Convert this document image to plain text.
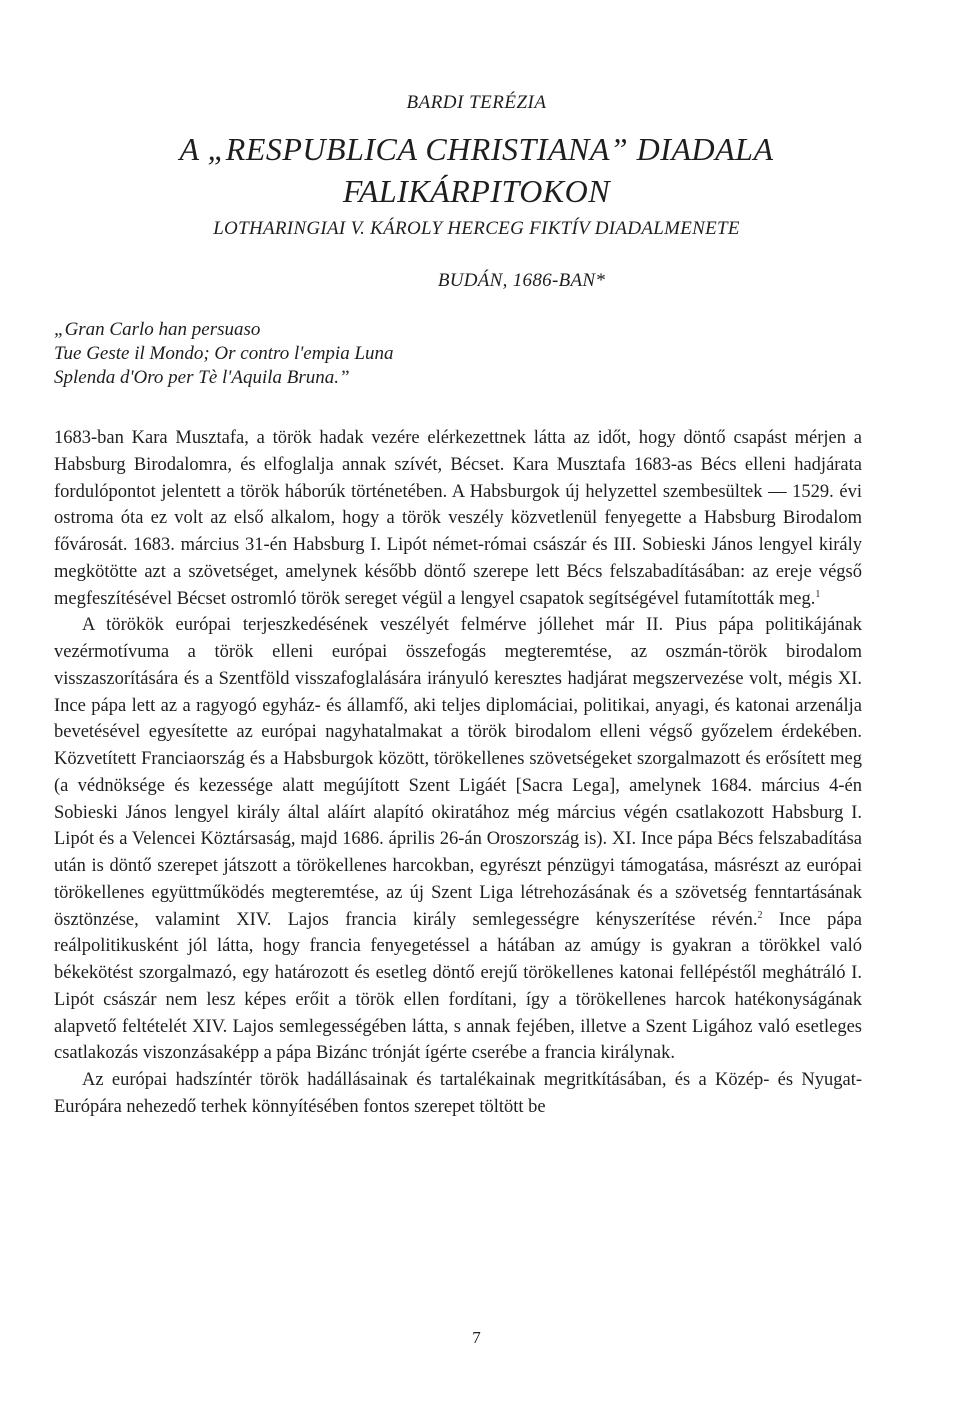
BARDI TERÉZIA
A „RESPUBLICA CHRISTIANA” DIADALA
FALIKÁRPITOKON
LOTHARINGIAI V. KÁROLY HERCEG FIKTÍV DIADALMENETE
BUDÁN, 1686-BAN*
„Gran Carlo han persuaso
Tue Geste il Mondo; Or contro l'empia Luna
Splenda d'Oro per Tè l'Aquila Bruna.”

1683-ban Kara Musztafa, a török hadak vezére elérkezettnek látta az időt, hogy döntő csapást mérjen a Habsburg Birodalomra, és elfoglalja annak szívét, Bécset. Kara Musztafa 1683-as Bécs elleni hadjárata fordulópontot jelentett a török háborúk történetében. A Habsburgok új helyzettel szembesültek — 1529. évi ostroma óta ez volt az első alkalom, hogy a török veszély közvetlenül fenyegette a Habsburg Birodalom fővárosát. 1683. március 31-én Habsburg I. Lipót német-római császár és III. Sobieski János lengyel király megkötötte azt a szövetséget, amelynek később döntő szerepe lett Bécs felszabadításában: az ereje végső megfeszítésével Bécset ostromló török sereget végül a lengyel csapatok segítségével futamították meg.$^1$

A törökök európai terjeszkedésének veszélyét felmérve jóllehet már II. Pius pápa politikájának vezérmotívuma a török elleni európai összefogás megteremtése, az oszmán-török birodalom visszaszorítására és a Szentföld visszafoglalására irányuló keresztes hadjárat megszervezése volt, mégis XI. Ince pápa lett az a ragyogó egyház- és államfő, aki teljes diplomáciai, politikai, anyagi, és katonai arzenálja bevetésével egyesítette az európai nagyhatalmakat a török birodalom elleni végső győzelem érdekében. Közvetített Franciaország és a Habsburgok között, törökellenes szövetségeket szorgalmazott és erősített meg (a védnöksége és kezessége alatt megújított Szent Ligáét [Sacra Lega], amelynek 1684. március 4-én Sobieski János lengyel király által aláírt alapító okiratához még március végén csatlakozott Habsburg I. Lipót és a Velencei Köztársaság, majd 1686. április 26-án Oroszország is). XI. Ince pápa Bécs felszabadítása után is döntő szerepet játszott a törökellenes harcokban, egyrészt pénzügyi támogatása, másrészt az európai törökellenes együttműködés megteremtése, az új Szent Liga létrehozásának és a szövetség fenntartásának ösztönzése, valamint XIV. Lajos francia király semlegességre kényszerítése révén.$^2$ Ince pápa reálpolitikusként jól látta, hogy francia fenyegetéssel a hátában az amúgy is gyakran a törökkel való békekötést szorgalmazó, egy határozott és esetleg döntő erejű törökellenes katonai fellépéstől meghátráló I. Lipót császár nem lesz képes erőit a török ellen fordítani, így a törökellenes harcok hatékonyságának alapvető feltételét XIV. Lajos semlegességében látta, s annak fejében, illetve a Szent Ligához való esetleges csatlakozás viszonzásaképp a pápa Bizánc trónját ígérte cserébe a francia királynak.

Az európai hadszíntér török hadállásainak és tartalékainak megritkításában, és a Közép- és Nyugat-Európára nehezedő terhek könnyítésében fontos szerepet töltött be

7
